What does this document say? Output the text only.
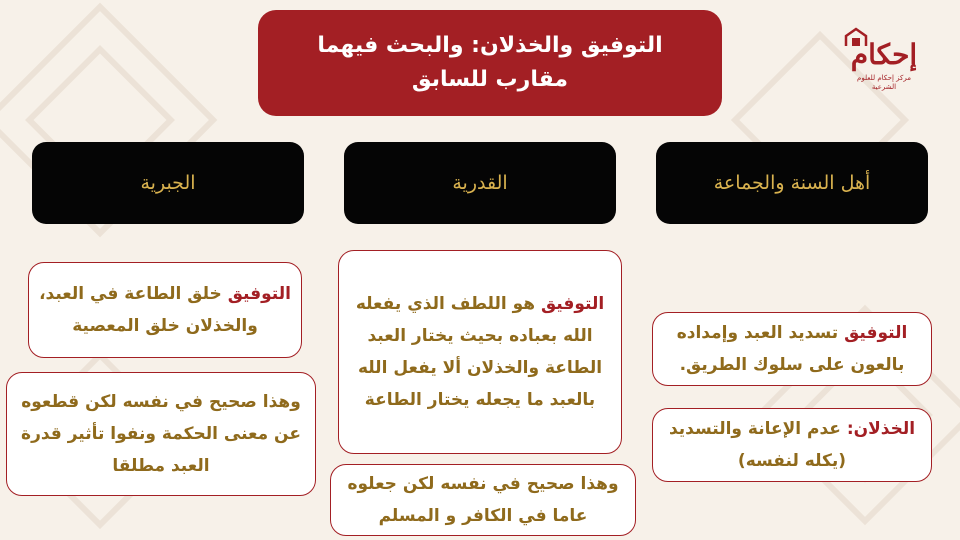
إحكام
مركز إحكام للعلوم الشرعية
التوفيق والخذلان: والبحث فيهما مقارب للسابق
أهل السنة والجماعة
القدرية
الجبرية

التوفيق تسديد العبد وإمداده بالعون على سلوك الطريق.

الخذلان: عدم الإعانة والتسديد (يكله لنفسه)

التوفيق هو اللطف الذي يفعله الله بعباده بحيث يختار العبد الطاعة والخذلان ألا يفعل الله بالعبد ما يجعله يختار الطاعة

وهذا صحيح في نفسه لكن جعلوه عاما في الكافر و المسلم

التوفيق خلق الطاعة في العبد، والخذلان خلق المعصية

وهذا صحيح في نفسه لكن قطعوه عن معنى الحكمة ونفوا تأثير قدرة العبد مطلقا
